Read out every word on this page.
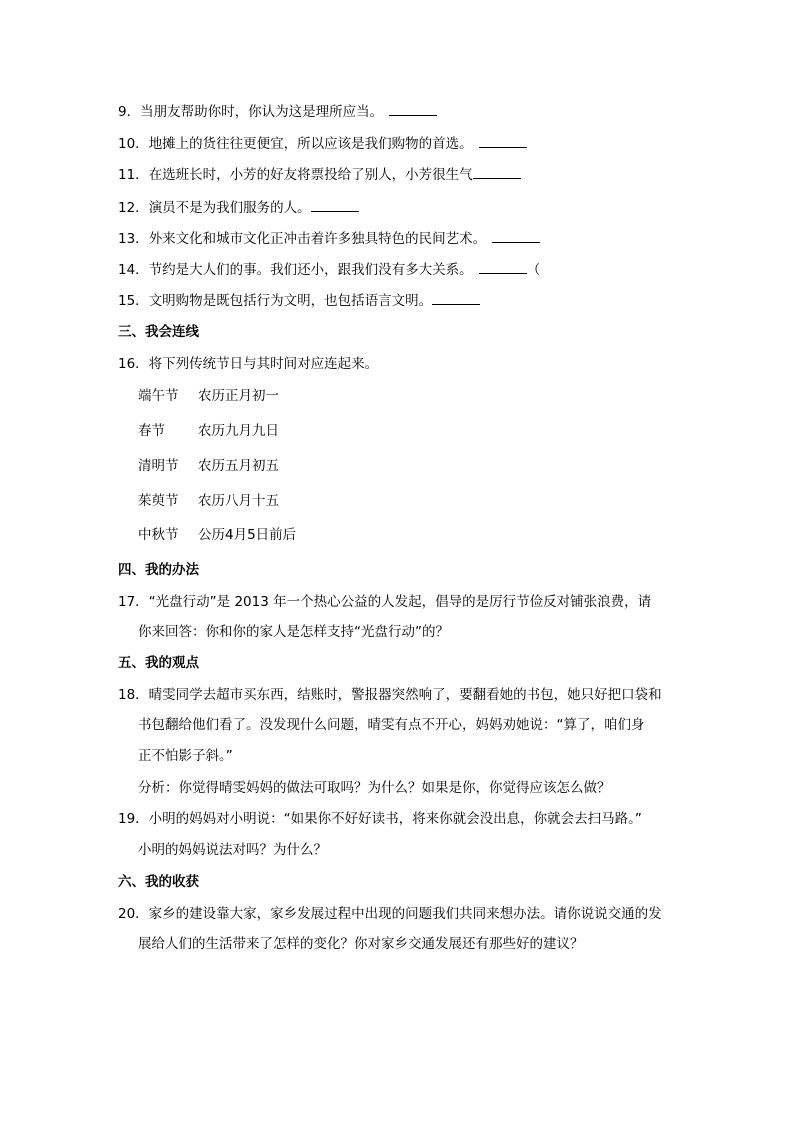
9．当朋友帮助你时，你认为这是理所应当。
10．地摊上的货往往更便宜，所以应该是我们购物的首选。
11．在选班长时，小芳的好友将票投给了别人，小芳很生气
12．演员不是为我们服务的人。
13．外来文化和城市文化正冲击着许多独具特色的民间艺术。
14．节约是大人们的事。我们还小，跟我们没有多大关系。	（
15．文明购物是既包括行为文明，也包括语言文明。
三、我会连线
16．将下列传统节日与其时间对应连起来。
端午节 农历正月初一
春节 农历九月九日
清明节 农历五月初五
茱萸节 农历八月十五
中秋节 公历4月5日前后
四、我的办法
17．“光盘行动”是 2013 年一个热心公益的人发起，倡导的是厉行节俭反对铺张浪费，请
你来回答：你和你的家人是怎样支持“光盘行动”的？
五、我的观点
18．晴雯同学去超市买东西，结账时，警报器突然响了，要翻看她的书包，她只好把口袋和
书包翻给他们看了。没发现什么问题，晴雯有点不开心，妈妈劝她说：“算了，咱们身
正不怕影子斜。”
分析：你觉得晴雯妈妈的做法可取吗？为什么？如果是你，你觉得应该怎么做？
19．小明的妈妈对小明说：“如果你不好好读书，将来你就会没出息，你就会去扫马路。”
小明的妈妈说法对吗？为什么？
六、我的收获
20．家乡的建设靠大家，家乡发展过程中出现的问题我们共同来想办法。请你说说交通的发
展给人们的生活带来了怎样的变化？你对家乡交通发展还有那些好的建议？
